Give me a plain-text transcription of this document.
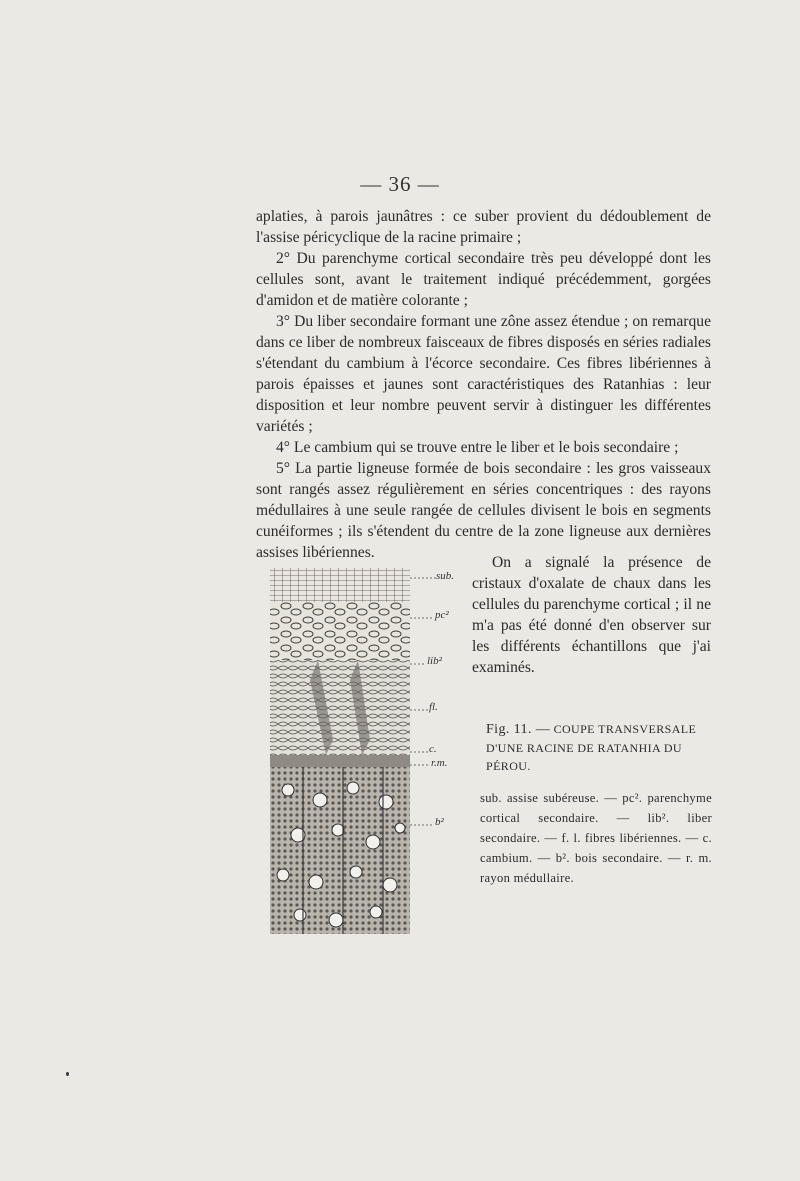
— 36 —

aplaties, à parois jaunâtres : ce suber provient du dédoublement de l'assise péricyclique de la racine primaire ;

2° Du parenchyme cortical secondaire très peu développé dont les cellules sont, avant le traitement indiqué précédemment, gorgées d'amidon et de matière colorante ;

3° Du liber secondaire formant une zône assez étendue ; on remarque dans ce liber de nombreux faisceaux de fibres disposés en séries radiales s'étendant du cambium à l'écorce secondaire. Ces fibres libériennes à parois épaisses et jaunes sont caractéristiques des Ratanhias : leur disposition et leur nombre peuvent servir à distinguer les différentes variétés ;

4° Le cambium qui se trouve entre le liber et le bois secondaire ;

5° La partie ligneuse formée de bois secondaire : les gros vaisseaux sont rangés assez régulièrement en séries concentriques : des rayons médullaires à une seule rangée de cellules divisent le bois en segments cunéiformes ; ils s'étendent du centre de la zone ligneuse aux dernières assises libériennes.

sub.
pc²
lib²
fl.
c.
r.m.
b²

On a signalé la présence de cristaux d'oxalate de chaux dans les cellules du parenchyme cortical ; il ne m'a pas été donné d'en observer sur les différents échantillons que j'ai examinés.

Fig. 11. — COUPE TRANSVERSALE D'UNE RACINE DE RATANHIA DU PÉROU.
sub. assise subéreuse. — pc². parenchyme cortical secondaire. — lib². liber secondaire. — f. l. fibres libériennes. — c. cambium. — b². bois secondaire. — r. m. rayon médullaire.
